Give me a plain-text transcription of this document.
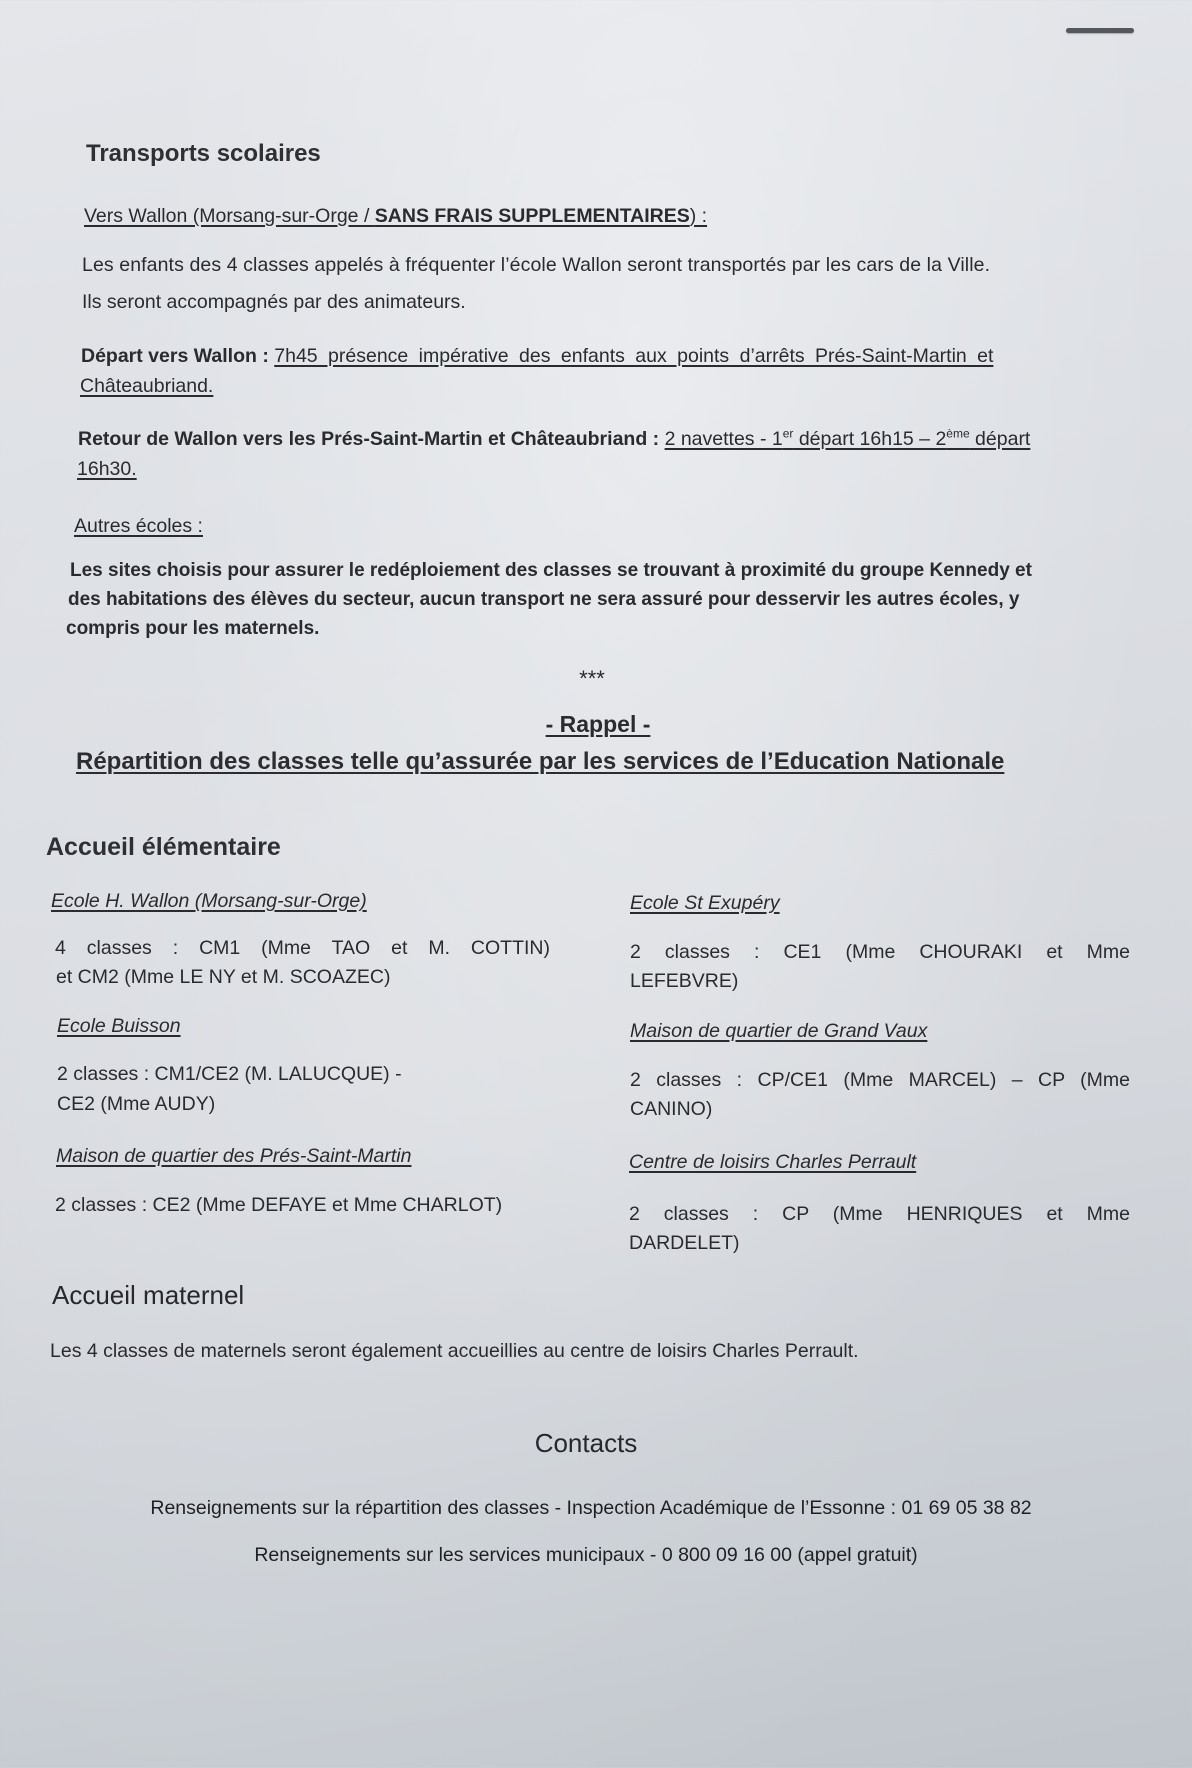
Transports scolaires
Vers Wallon (Morsang-sur-Orge / SANS FRAIS SUPPLEMENTAIRES) :
Les enfants des 4 classes appelés à fréquenter l’école Wallon seront transportés par les cars de la Ville.
Ils seront accompagnés par des animateurs.
Départ vers Wallon : 7h45 présence impérative des enfants aux points d’arrêts Prés-Saint-Martin et
Châteaubriand.
Retour de Wallon vers les Prés-Saint-Martin et Châteaubriand : 2 navettes - 1er départ 16h15 – 2ème départ
16h30.
Autres écoles :
Les sites choisis pour assurer le redéploiement des classes se trouvant à proximité du groupe Kennedy et
des habitations des élèves du secteur, aucun transport ne sera assuré pour desservir les autres écoles, y
compris pour les maternels.
***
- Rappel -
Répartition des classes telle qu’assurée par les services de l’Education Nationale
Accueil élémentaire
Ecole H. Wallon (Morsang-sur-Orge)
4 classes : CM1 (Mme TAO et M. COTTIN)
et CM2 (Mme LE NY et M. SCOAZEC)
Ecole Buisson
2 classes : CM1/CE2 (M. LALUCQUE) -
CE2 (Mme AUDY)
Maison de quartier des Prés-Saint-Martin
2 classes : CE2 (Mme DEFAYE et Mme CHARLOT)
Ecole St Exupéry
2 classes : CE1 (Mme CHOURAKI et Mme
LEFEBVRE)
Maison de quartier de Grand Vaux
2 classes : CP/CE1 (Mme MARCEL) – CP (Mme
CANINO)
Centre de loisirs Charles Perrault
2 classes : CP (Mme HENRIQUES et Mme
DARDELET)
Accueil maternel
Les 4 classes de maternels seront également accueillies au centre de loisirs Charles Perrault.
Contacts
Renseignements sur la répartition des classes - Inspection Académique de l’Essonne : 01 69 05 38 82
Renseignements sur les services municipaux - 0 800 09 16 00 (appel gratuit)
